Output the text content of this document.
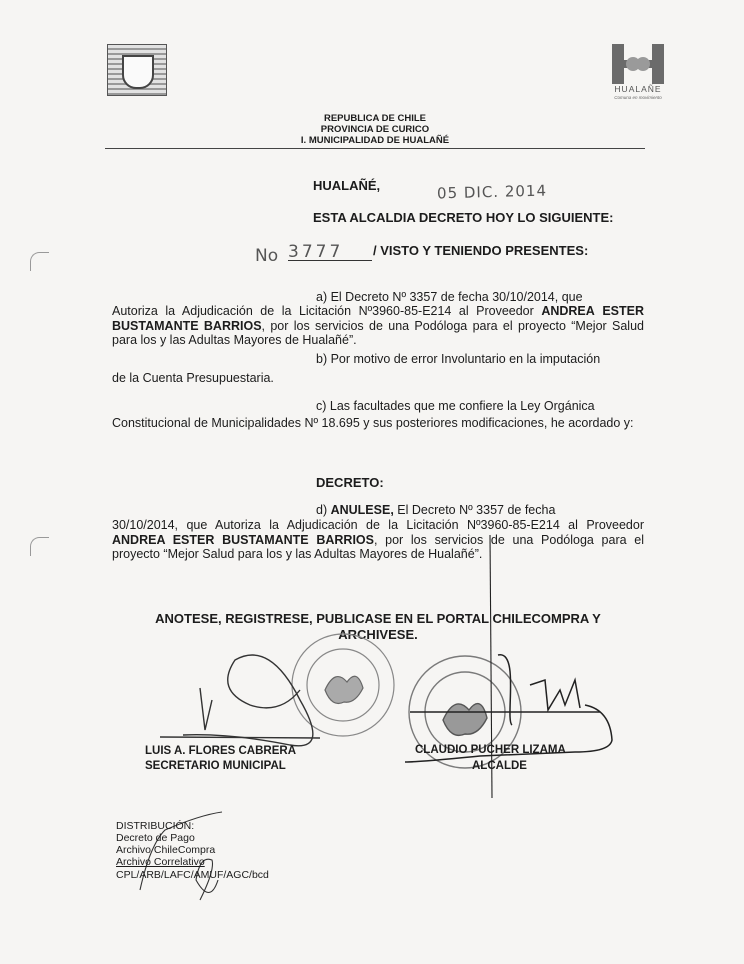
HUALAÑE
Comuna en movimiento
REPUBLICA DE CHILE
PROVINCIA DE CURICO
I. MUNICIPALIDAD DE HUALAÑÉ
HUALAÑÉ,	05 DIC. 2014
ESTA ALCALDIA DECRETO HOY LO SIGUIENTE:
No 3777	/ VISTO Y TENIENDO PRESENTES:
a) El Decreto Nº 3357 de fecha 30/10/2014, que
Autoriza la Adjudicación de la Licitación Nº3960-85-E214 al Proveedor ANDREA ESTER BUSTAMANTE BARRIOS, por los servicios de una Podóloga para el proyecto “Mejor Salud para los y las Adultas Mayores de Hualañé”.
b) Por motivo de error Involuntario en la imputación
de la Cuenta Presupuestaria.
c) Las facultades que me confiere la Ley Orgánica
Constitucional de Municipalidades Nº 18.695 y sus posteriores modificaciones, he acordado y:
DECRETO:
d) ANULESE, El Decreto Nº 3357 de fecha
30/10/2014, que Autoriza la Adjudicación de la Licitación Nº3960-85-E214 al Proveedor ANDREA ESTER BUSTAMANTE BARRIOS, por los servicios de una Podóloga para el proyecto “Mejor Salud para los y las Adultas Mayores de Hualañé”.
ANOTESE, REGISTRESE, PUBLICASE EN EL PORTAL CHILECOMPRA Y
ARCHIVESE.
LUIS A. FLORES CABRERA
SECRETARIO MUNICIPAL
CLAUDIO PUCHER LIZAMA
ALCALDE
DISTRIBUCIÓN:
Decreto de Pago
Archivo ChileCompra
Archivo Correlativo
CPL/ARB/LAFC/AMUF/AGC/bcd
